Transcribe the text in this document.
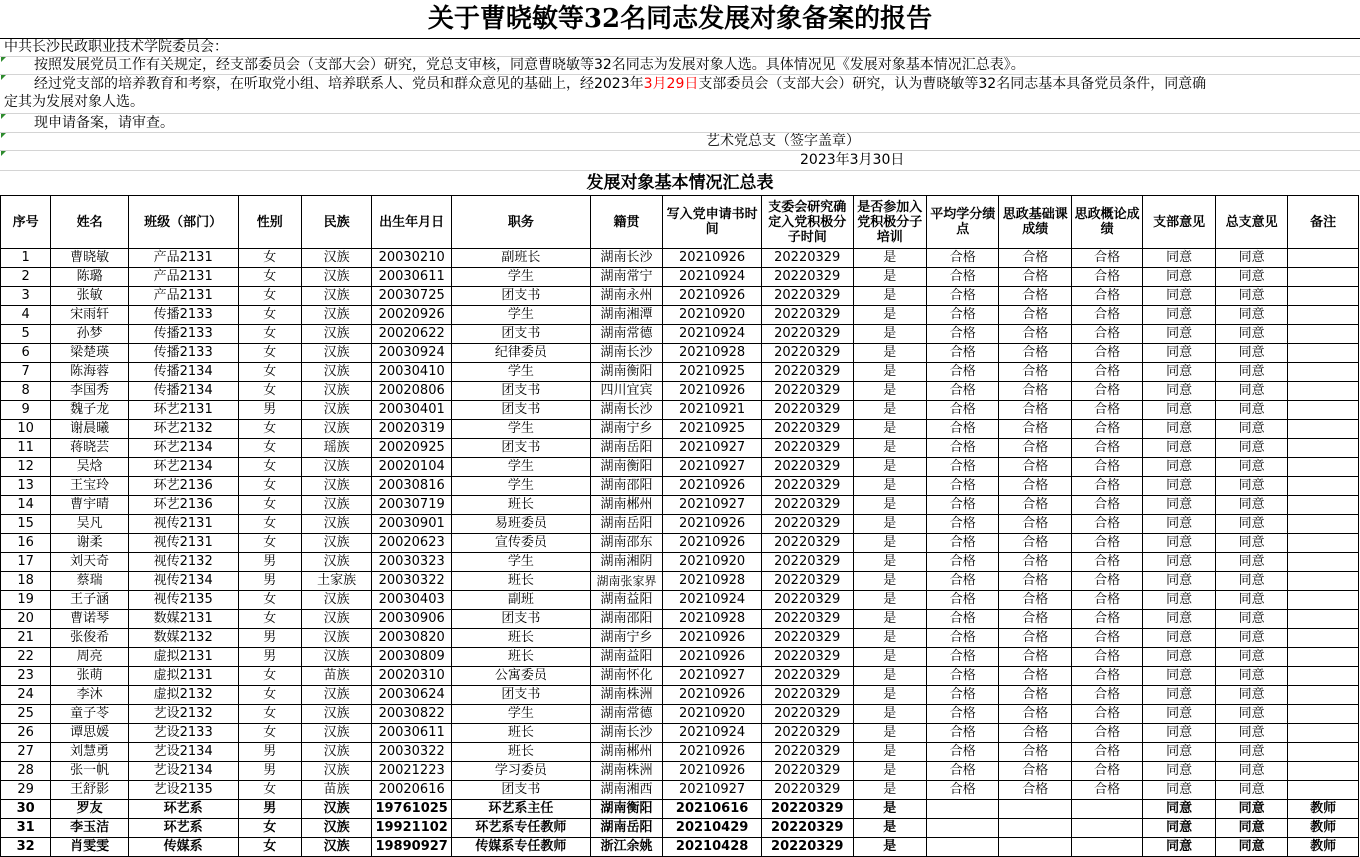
关于曹晓敏等32名同志发展对象备案的报告
中共长沙民政职业技术学院委员会：
按照发展党员工作有关规定，经支部委员会（支部大会）研究，党总支审核，同意曹晓敏等32名同志为发展对象人选。具体情况见《发展对象基本情况汇总表》。
经过党支部的培养教育和考察，在听取党小组、培养联系人、党员和群众意见的基础上，经2023年3月29日支部委员会（支部大会）研究，认为曹晓敏等32名同志基本具备党员条件，同意确
定其为发展对象人选。
现申请备案，请审查。
艺术党总支（签字盖章）
2023年3月30日
发展对象基本情况汇总表
序号	姓名	班级（部门）	性别	民族	出生年月日	职务	籍贯	写入党申请书时间	支委会研究确定入党积极分子时间	是否参加入党积极分子培训	平均学分绩点	思政基础课成绩	思政概论成绩	支部意见	总支意见	备注
1	曹晓敏	产品2131	女	汉族	20030210	副班长	湖南长沙	20210926	20220329	是	合格	合格	合格	同意	同意	
2	陈璐	产品2131	女	汉族	20030611	学生	湖南常宁	20210924	20220329	是	合格	合格	合格	同意	同意	
3	张敏	产品2131	女	汉族	20030725	团支书	湖南永州	20210926	20220329	是	合格	合格	合格	同意	同意	
4	宋雨轩	传播2133	女	汉族	20020926	学生	湖南湘潭	20210920	20220329	是	合格	合格	合格	同意	同意	
5	孙梦	传播2133	女	汉族	20020622	团支书	湖南常德	20210924	20220329	是	合格	合格	合格	同意	同意	
6	梁楚瑛	传播2133	女	汉族	20030924	纪律委员	湖南长沙	20210928	20220329	是	合格	合格	合格	同意	同意	
7	陈海蓉	传播2134	女	汉族	20030410	学生	湖南衡阳	20210925	20220329	是	合格	合格	合格	同意	同意	
8	李国秀	传播2134	女	汉族	20020806	团支书	四川宜宾	20210926	20220329	是	合格	合格	合格	同意	同意	
9	魏子龙	环艺2131	男	汉族	20030401	团支书	湖南长沙	20210921	20220329	是	合格	合格	合格	同意	同意	
10	谢晨曦	环艺2132	女	汉族	20020319	学生	湖南宁乡	20210925	20220329	是	合格	合格	合格	同意	同意	
11	蒋晓芸	环艺2134	女	瑶族	20020925	团支书	湖南岳阳	20210927	20220329	是	合格	合格	合格	同意	同意	
12	吴焓	环艺2134	女	汉族	20020104	学生	湖南衡阳	20210927	20220329	是	合格	合格	合格	同意	同意	
13	王宝玲	环艺2136	女	汉族	20030816	学生	湖南邵阳	20210926	20220329	是	合格	合格	合格	同意	同意	
14	曹宇晴	环艺2136	女	汉族	20030719	班长	湖南郴州	20210927	20220329	是	合格	合格	合格	同意	同意	
15	吴凡	视传2131	女	汉族	20030901	易班委员	湖南岳阳	20210926	20220329	是	合格	合格	合格	同意	同意	
16	谢柔	视传2131	女	汉族	20020623	宣传委员	湖南邵东	20210926	20220329	是	合格	合格	合格	同意	同意	
17	刘天奇	视传2132	男	汉族	20030323	学生	湖南湘阴	20210920	20220329	是	合格	合格	合格	同意	同意	
18	蔡瑞	视传2134	男	土家族	20030322	班长	湖南张家界	20210928	20220329	是	合格	合格	合格	同意	同意	
19	王子涵	视传2135	女	汉族	20030403	副班	湖南益阳	20210924	20220329	是	合格	合格	合格	同意	同意	
20	曹诺琴	数媒2131	女	汉族	20030906	团支书	湖南邵阳	20210928	20220329	是	合格	合格	合格	同意	同意	
21	张俊希	数媒2132	男	汉族	20030820	班长	湖南宁乡	20210926	20220329	是	合格	合格	合格	同意	同意	
22	周亮	虚拟2131	男	汉族	20030809	班长	湖南益阳	20210926	20220329	是	合格	合格	合格	同意	同意	
23	张萌	虚拟2131	女	苗族	20020310	公寓委员	湖南怀化	20210927	20220329	是	合格	合格	合格	同意	同意	
24	李沐	虚拟2132	女	汉族	20030624	团支书	湖南株洲	20210926	20220329	是	合格	合格	合格	同意	同意	
25	童子苓	艺设2132	女	汉族	20030822	学生	湖南常德	20210920	20220329	是	合格	合格	合格	同意	同意	
26	谭思媛	艺设2133	女	汉族	20030611	班长	湖南长沙	20210924	20220329	是	合格	合格	合格	同意	同意	
27	刘慧勇	艺设2134	男	汉族	20030322	班长	湖南郴州	20210926	20220329	是	合格	合格	合格	同意	同意	
28	张一帆	艺设2134	男	汉族	20021223	学习委员	湖南株洲	20210926	20220329	是	合格	合格	合格	同意	同意	
29	王舒影	艺设2135	女	苗族	20020616	团支书	湖南湘西	20210927	20220329	是	合格	合格	合格	同意	同意	
30	罗友	环艺系	男	汉族	19761025	环艺系主任	湖南衡阳	20210616	20220329	是				同意	同意	教师
31	李玉洁	环艺系	女	汉族	19921102	环艺系专任教师	湖南岳阳	20210429	20220329	是				同意	同意	教师
32	肖雯雯	传媒系	女	汉族	19890927	传媒系专任教师	浙江余姚	20210428	20220329	是				同意	同意	教师
